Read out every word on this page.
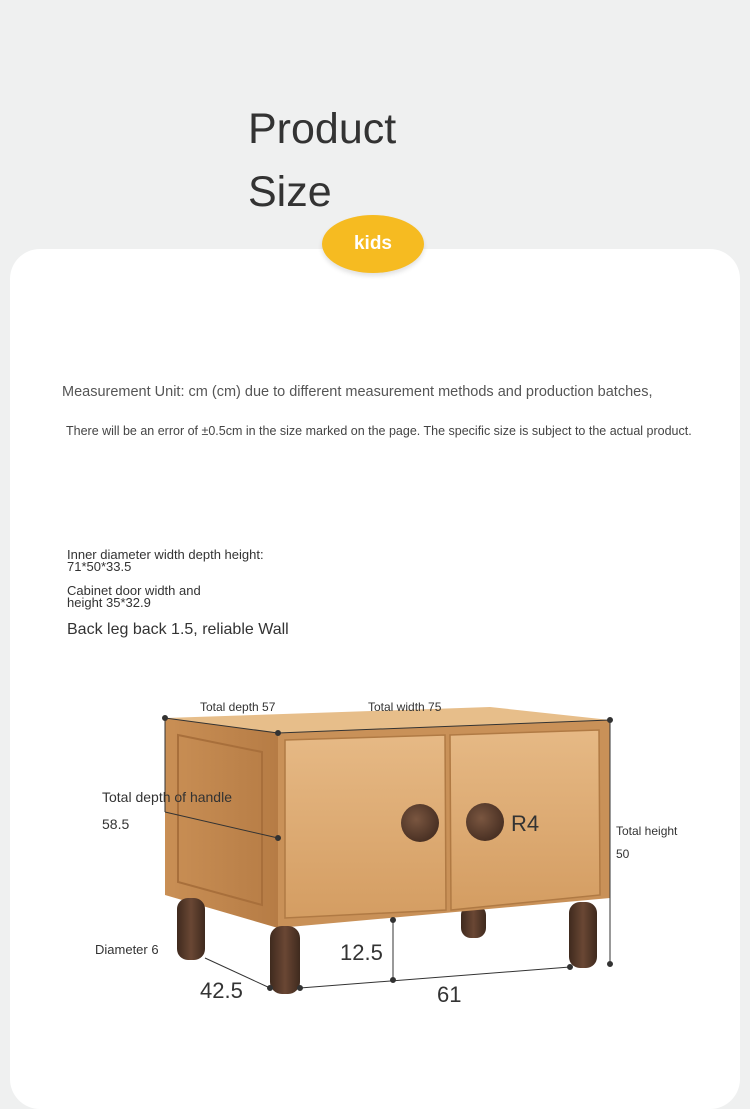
Product
Size
kids
Measurement Unit: cm (cm) due to different measurement methods and production batches,
There will be an error of ±0.5cm in the size marked on the page. The specific size is subject to the actual product.
Inner diameter width depth height:
71*50*33.5
Cabinet door width and
height 35*32.9
Back leg back 1.5, reliable Wall
Total depth 57	Total width 75
Total depth of handle
58.5	R4	Total height
50
Diameter 6	12.5
42.5	61
